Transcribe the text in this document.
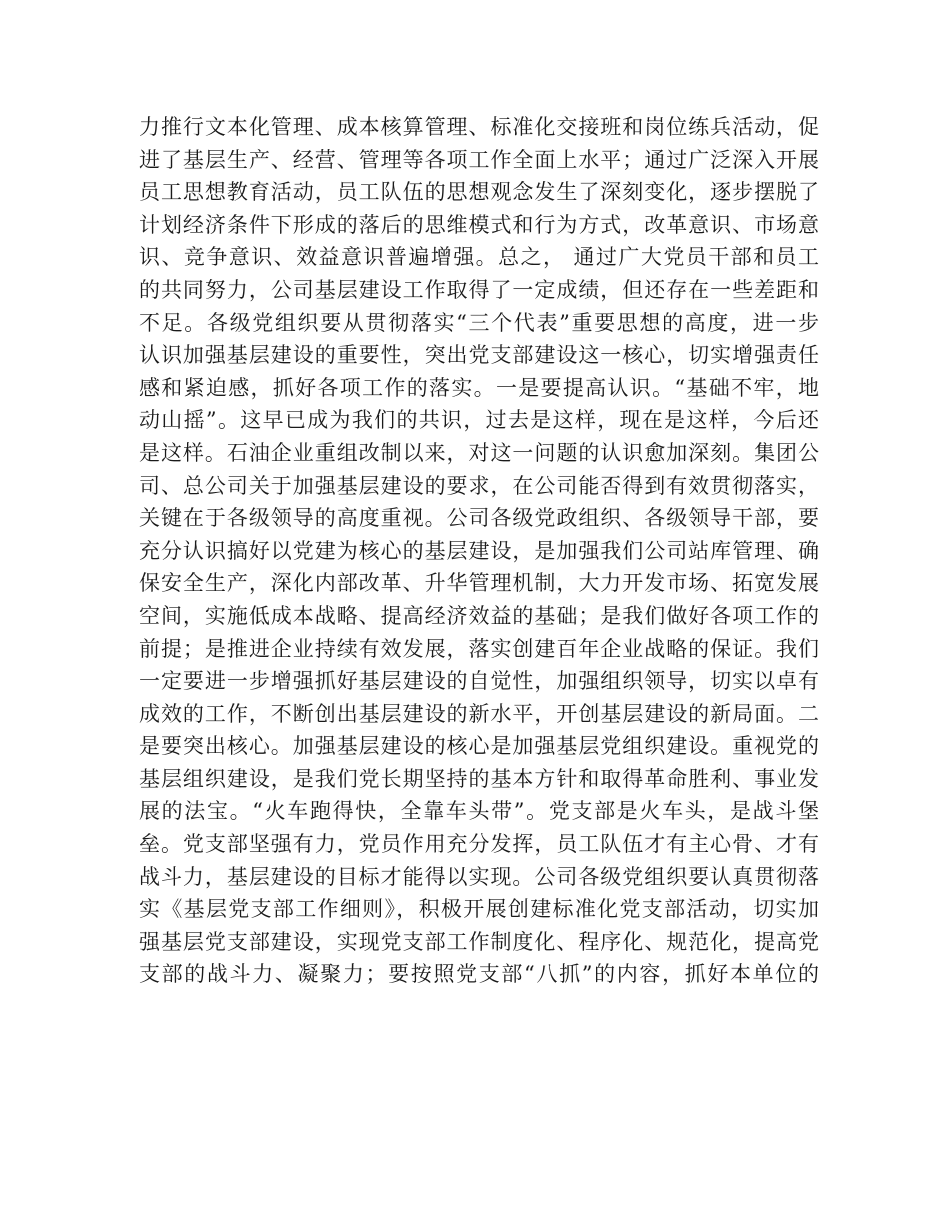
力推行文本化管理、成本核算管理、标准化交接班和岗位练兵活动，促
进了基层生产、经营、管理等各项工作全面上水平；通过广泛深入开展
员工思想教育活动，员工队伍的思想观念发生了深刻变化，逐步摆脱了
计划经济条件下形成的落后的思维模式和行为方式，改革意识、市场意
识、竞争意识、效益意识普遍增强。总之， 通过广大党员干部和员工
的共同努力，公司基层建设工作取得了一定成绩，但还存在一些差距和
不足。各级党组织要从贯彻落实“三个代表”重要思想的高度，进一步
认识加强基层建设的重要性，突出党支部建设这一核心，切实增强责任
感和紧迫感，抓好各项工作的落实。一是要提高认识。“基础不牢，地
动山摇”。这早已成为我们的共识，过去是这样，现在是这样，今后还
是这样。石油企业重组改制以来，对这一问题的认识愈加深刻。集团公
司、总公司关于加强基层建设的要求，在公司能否得到有效贯彻落实，
关键在于各级领导的高度重视。公司各级党政组织、各级领导干部，要
充分认识搞好以党建为核心的基层建设，是加强我们公司站库管理、确
保安全生产，深化内部改革、升华管理机制，大力开发市场、拓宽发展
空间，实施低成本战略、提高经济效益的基础；是我们做好各项工作的
前提；是推进企业持续有效发展，落实创建百年企业战略的保证。我们
一定要进一步增强抓好基层建设的自觉性，加强组织领导，切实以卓有
成效的工作，不断创出基层建设的新水平，开创基层建设的新局面。二
是要突出核心。加强基层建设的核心是加强基层党组织建设。重视党的
基层组织建设，是我们党长期坚持的基本方针和取得革命胜利、事业发
展的法宝。“火车跑得快，全靠车头带”。党支部是火车头，是战斗堡
垒。党支部坚强有力，党员作用充分发挥，员工队伍才有主心骨、才有
战斗力，基层建设的目标才能得以实现。公司各级党组织要认真贯彻落
实《基层党支部工作细则》，积极开展创建标准化党支部活动，切实加
强基层党支部建设，实现党支部工作制度化、程序化、规范化，提高党
支部的战斗力、凝聚力；要按照党支部“八抓”的内容，抓好本单位的
